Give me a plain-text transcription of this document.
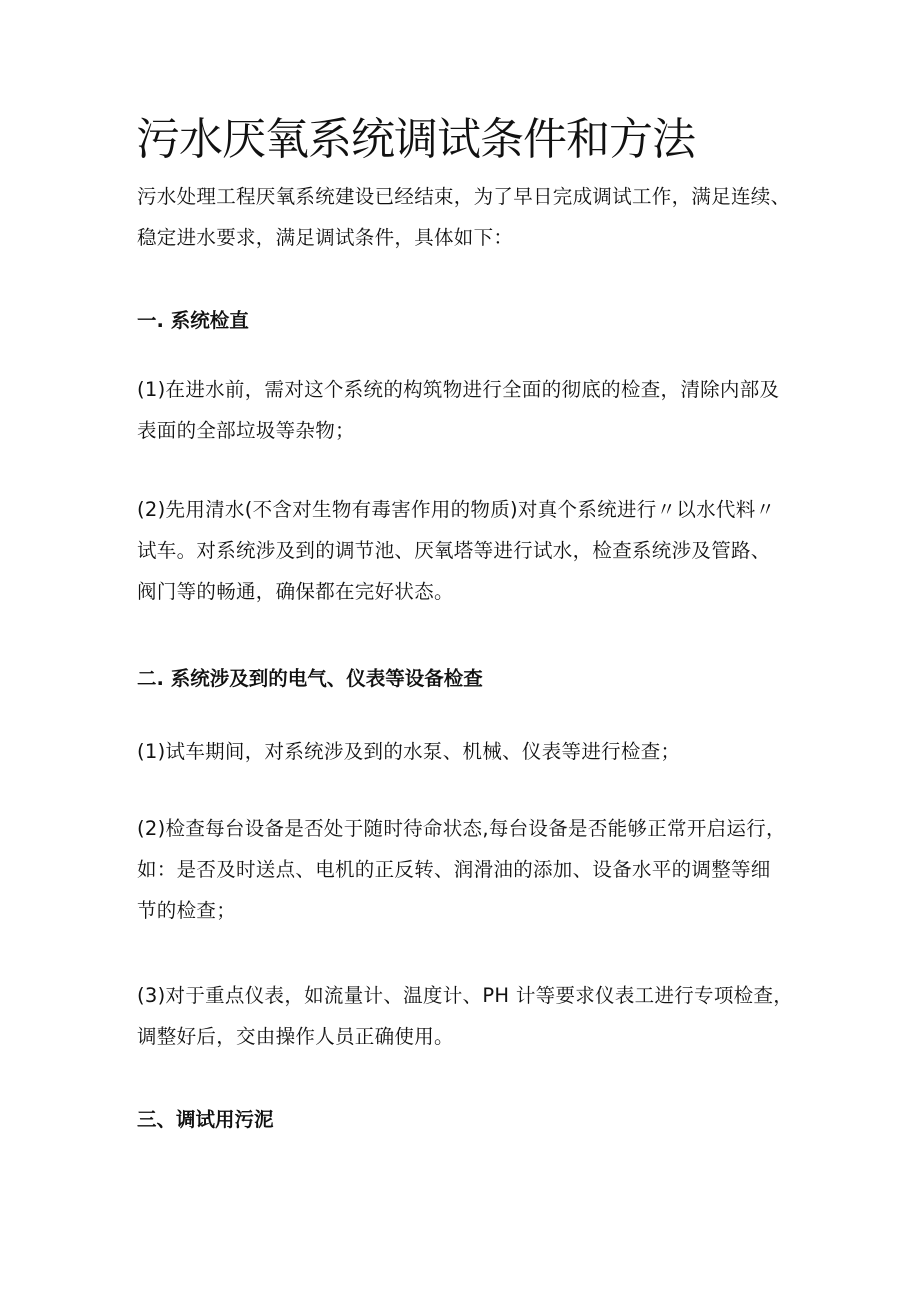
污水厌氧系统调试条件和方法

污水处理工程厌氧系统建设已经结束，为了早日完成调试工作，满足连续、
稳定进水要求，满足调试条件，具体如下：

一. 系统检直

(1)在进水前，需对这个系统的构筑物进行全面的彻底的检查，清除内部及
表面的全部垃圾等杂物；

(2)先用清水(不含对生物有毒害作用的物质)对真个系统进行〃以水代料〃
试车。对系统涉及到的调节池、厌氧塔等进行试水，检查系统涉及管路、
阀门等的畅通，确保都在完好状态。

二. 系统涉及到的电气、仪表等设备检查

(1)试车期间，对系统涉及到的水泵、机械、仪表等进行检查；

(2)检查每台设备是否处于随时待命状态,每台设备是否能够正常开启运行，
如：是否及时送点、电机的正反转、润滑油的添加、设备水平的调整等细
节的检查；

(3)对于重点仪表，如流量计、温度计、PH 计等要求仪表工进行专项检查，
调整好后，交由操作人员正确使用。

三、调试用污泥
